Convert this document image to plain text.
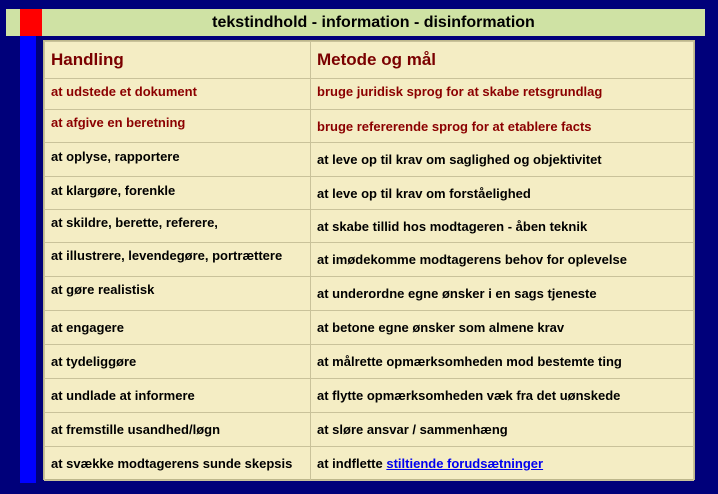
tekstindhold - information - disinformation
Handling	Metode og mål
at udstede et dokument	bruge juridisk sprog for at skabe retsgrundlag
at afgive en beretning	bruge refererende sprog for at etablere facts
at oplyse, rapportere	at leve op til krav om saglighed og objektivitet
at klargøre, forenkle	at leve op til krav om forståelighed
at skildre, berette, referere,	at skabe tillid hos modtageren - åben teknik
at illustrere, levendegøre, portrættere	at imødekomme modtagerens behov for oplevelse
at gøre realistisk	at underordne egne ønsker i en sags tjeneste
at engagere	at betone egne ønsker som almene krav
at tydeliggøre	at målrette opmærksomheden mod bestemte ting
at undlade at informere	at flytte opmærksomheden væk fra det uønskede
at fremstille usandhed/løgn	at sløre ansvar / sammenhæng
at svække modtagerens sunde skepsis	at indflette stiltiende forudsætninger
